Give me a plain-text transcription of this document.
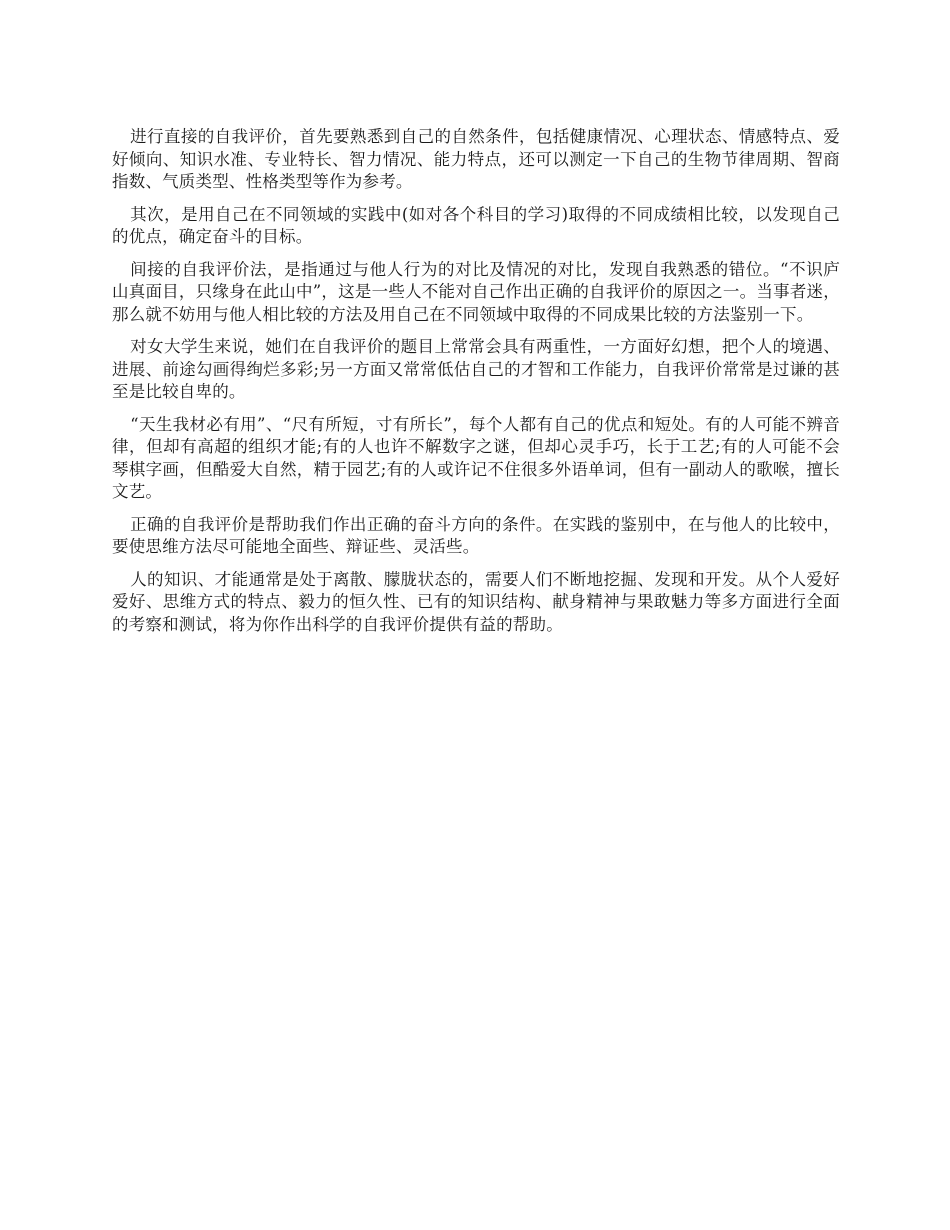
进行直接的自我评价，首先要熟悉到自己的自然条件，包括健康情况、心理状态、情感特点、爱好倾向、知识水准、专业特长、智力情况、能力特点，还可以测定一下自己的生物节律周期、智商指数、气质类型、性格类型等作为参考。

其次，是用自己在不同领域的实践中(如对各个科目的学习)取得的不同成绩相比较，以发现自己的优点，确定奋斗的目标。

间接的自我评价法，是指通过与他人行为的对比及情况的对比，发现自我熟悉的错位。“不识庐山真面目，只缘身在此山中”，这是一些人不能对自己作出正确的自我评价的原因之一。当事者迷，那么就不妨用与他人相比较的方法及用自己在不同领域中取得的不同成果比较的方法鉴别一下。

对女大学生来说，她们在自我评价的题目上常常会具有两重性，一方面好幻想，把个人的境遇、进展、前途勾画得绚烂多彩;另一方面又常常低估自己的才智和工作能力，自我评价常常是过谦的甚至是比较自卑的。

“天生我材必有用”、“尺有所短，寸有所长”，每个人都有自己的优点和短处。有的人可能不辨音律，但却有高超的组织才能;有的人也许不解数字之谜，但却心灵手巧，长于工艺;有的人可能不会琴棋字画，但酷爱大自然，精于园艺;有的人或许记不住很多外语单词，但有一副动人的歌喉，擅长文艺。

正确的自我评价是帮助我们作出正确的奋斗方向的条件。在实践的鉴别中，在与他人的比较中，要使思维方法尽可能地全面些、辩证些、灵活些。

人的知识、才能通常是处于离散、朦胧状态的，需要人们不断地挖掘、发现和开发。从个人爱好爱好、思维方式的特点、毅力的恒久性、已有的知识结构、献身精神与果敢魅力等多方面进行全面的考察和测试，将为你作出科学的自我评价提供有益的帮助。
